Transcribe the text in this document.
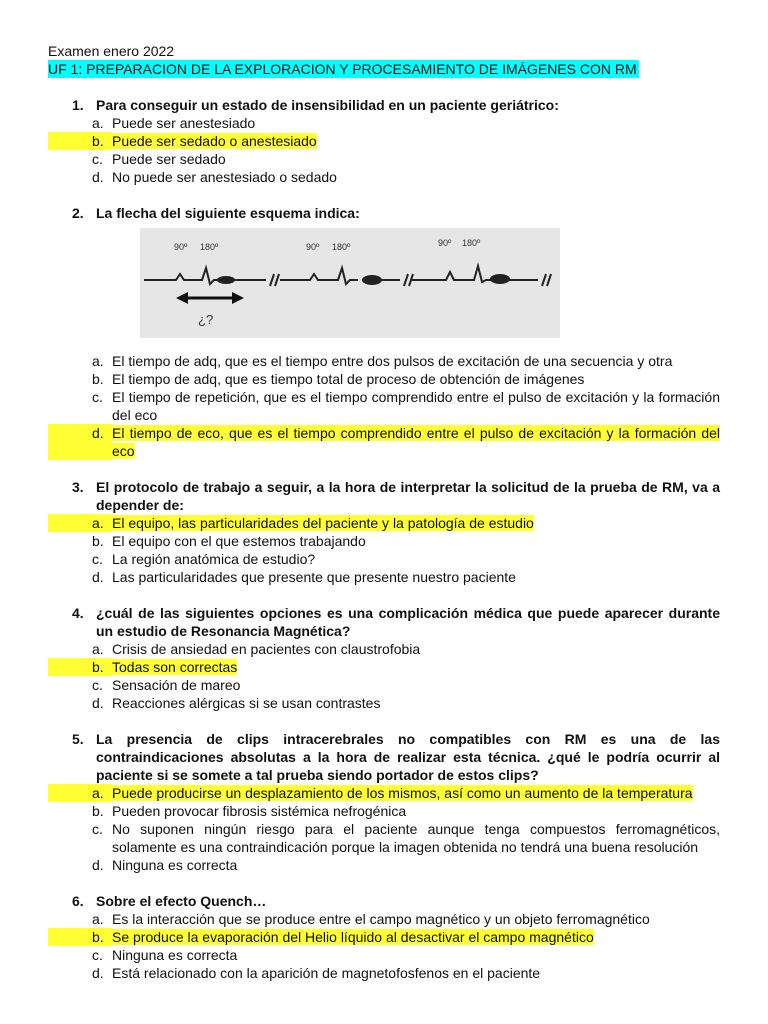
Examen enero 2022
UF 1: PREPARACION DE LA EXPLORACION Y PROCESAMIENTO DE IMÁGENES CON RM
1. Para conseguir un estado de insensibilidad en un paciente geriátrico:
a. Puede ser anestesiado
b. Puede ser sedado o anestesiado
c. Puede ser sedado
d. No puede ser anestesiado o sedado
2. La flecha del siguiente esquema indica:
90º 180º	90º 180º	90º 180º
¿?
a. El tiempo de adq, que es el tiempo entre dos pulsos de excitación de una secuencia y otra
b. El tiempo de adq, que es tiempo total de proceso de obtención de imágenes
c. El tiempo de repetición, que es el tiempo comprendido entre el pulso de excitación y la formación del eco
d. El tiempo de eco, que es el tiempo comprendido entre el pulso de excitación y la formación del eco
3. El protocolo de trabajo a seguir, a la hora de interpretar la solicitud de la prueba de RM, va a depender de:
a. El equipo, las particularidades del paciente y la patología de estudio
b. El equipo con el que estemos trabajando
c. La región anatómica de estudio?
d. Las particularidades que presente que presente nuestro paciente
4. ¿cuál de las siguientes opciones es una complicación médica que puede aparecer durante un estudio de Resonancia Magnética?
a. Crisis de ansiedad en pacientes con claustrofobia
b. Todas son correctas
c. Sensación de mareo
d. Reacciones alérgicas si se usan contrastes
5. La presencia de clips intracerebrales no compatibles con RM es una de las contraindicaciones absolutas a la hora de realizar esta técnica. ¿qué le podría ocurrir al paciente si se somete a tal prueba siendo portador de estos clips?
a. Puede producirse un desplazamiento de los mismos, así como un aumento de la temperatura
b. Pueden provocar fibrosis sistémica nefrogénica
c. No suponen ningún riesgo para el paciente aunque tenga compuestos ferromagnéticos, solamente es una contraindicación porque la imagen obtenida no tendrá una buena resolución
d. Ninguna es correcta
6. Sobre el efecto Quench…
a. Es la interacción que se produce entre el campo magnético y un objeto ferromagnético
b. Se produce la evaporación del Helio líquido al desactivar el campo magnético
c. Ninguna es correcta
d. Está relacionado con la aparición de magnetofosfenos en el paciente
